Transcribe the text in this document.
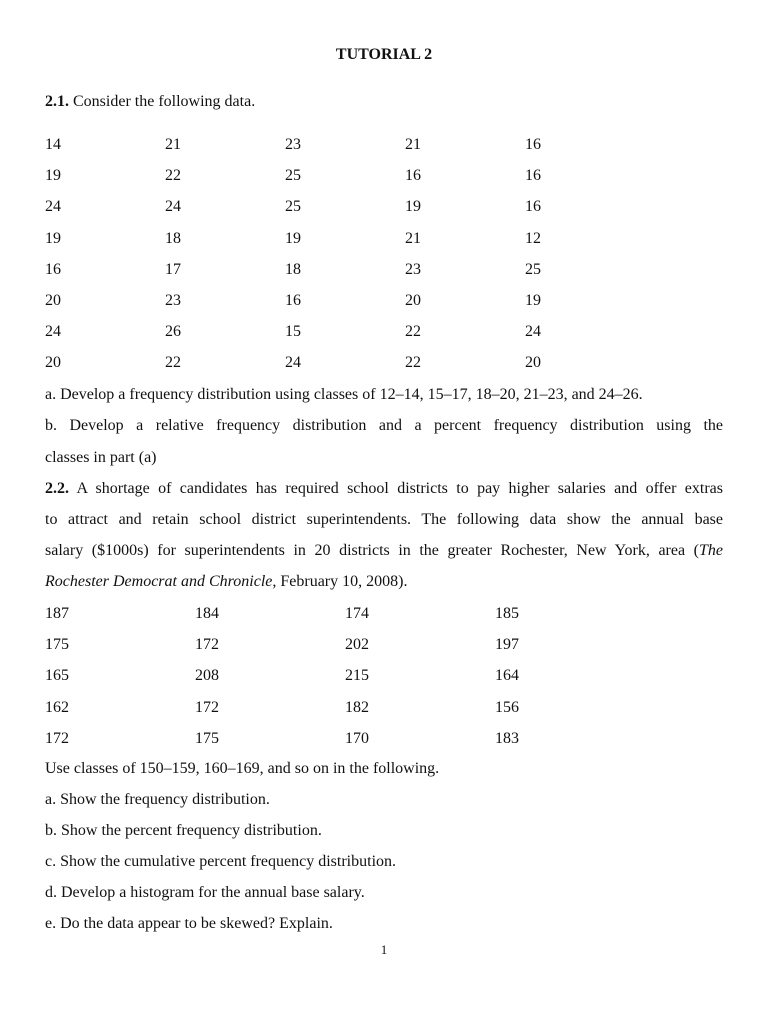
TUTORIAL 2
2.1. Consider the following data.
14	21	23	21	16
19	22	25	16	16
24	24	25	19	16
19	18	19	21	12
16	17	18	23	25
20	23	16	20	19
24	26	15	22	24
20	22	24	22	20
a. Develop a frequency distribution using classes of 12–14, 15–17, 18–20, 21–23, and 24–26.
b. Develop a relative frequency distribution and a percent frequency distribution using the
classes in part (a)
2.2. A shortage of candidates has required school districts to pay higher salaries and offer extras
to attract and retain school district superintendents. The following data show the annual base
salary ($1000s) for superintendents in 20 districts in the greater Rochester, New York, area (The
Rochester Democrat and Chronicle, February 10, 2008).
187	184	174	185
175	172	202	197
165	208	215	164
162	172	182	156
172	175	170	183
Use classes of 150–159, 160–169, and so on in the following.
a. Show the frequency distribution.
b. Show the percent frequency distribution.
c. Show the cumulative percent frequency distribution.
d. Develop a histogram for the annual base salary.
e. Do the data appear to be skewed? Explain.
1
